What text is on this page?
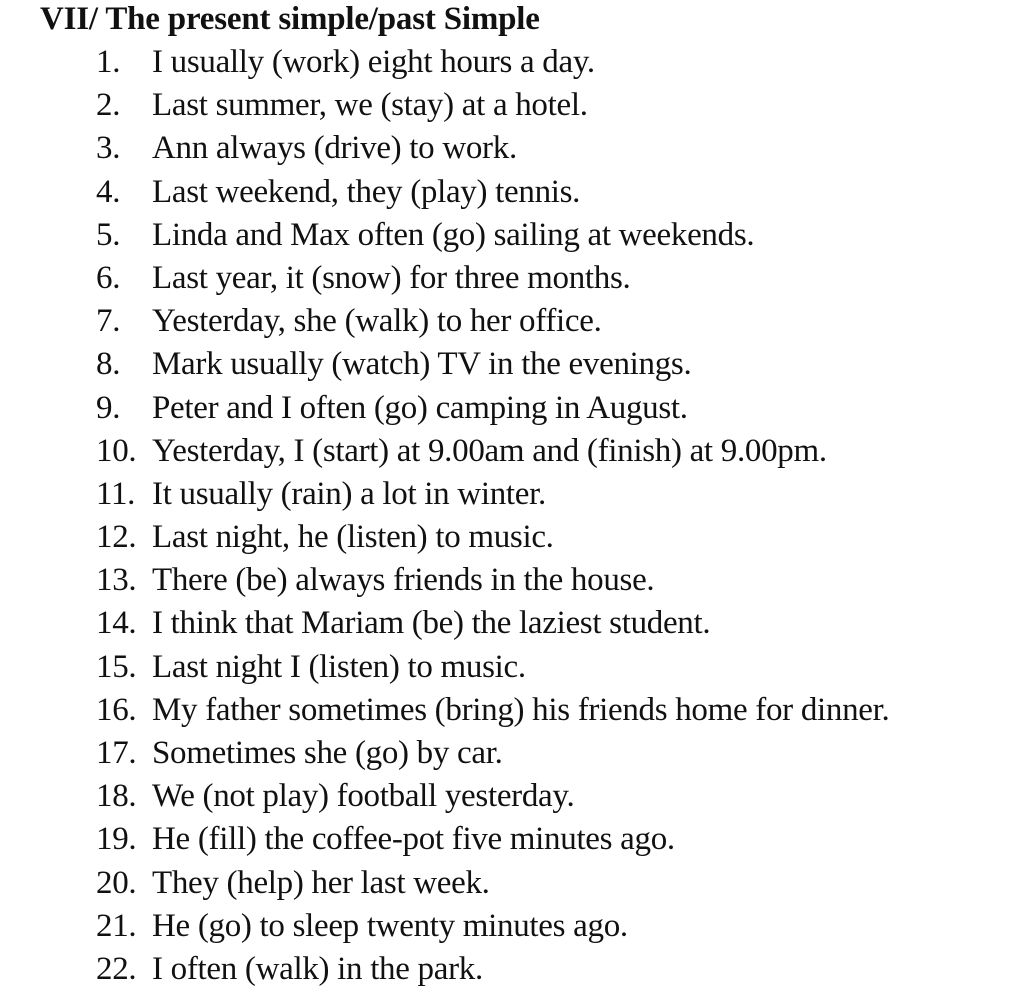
VII/ The present simple/past Simple
1. I usually (work) eight hours a day.
2. Last summer, we (stay) at a hotel.
3. Ann always (drive) to work.
4. Last weekend, they (play) tennis.
5. Linda and Max often (go) sailing at weekends.
6. Last year, it (snow) for three months.
7. Yesterday, she (walk) to her office.
8. Mark usually (watch) TV in the evenings.
9. Peter and I often (go) camping in August.
10. Yesterday, I (start) at 9.00am and (finish) at 9.00pm.
11. It usually (rain) a lot in winter.
12. Last night, he (listen) to music.
13. There (be) always friends in the house.
14. I think that Mariam (be) the laziest student.
15. Last night I (listen) to music.
16. My father sometimes (bring) his friends home for dinner.
17. Sometimes she (go) by car.
18. We (not play) football yesterday.
19. He (fill) the coffee-pot five minutes ago.
20. They (help) her last week.
21. He (go) to sleep twenty minutes ago.
22. I often (walk) in the park.
